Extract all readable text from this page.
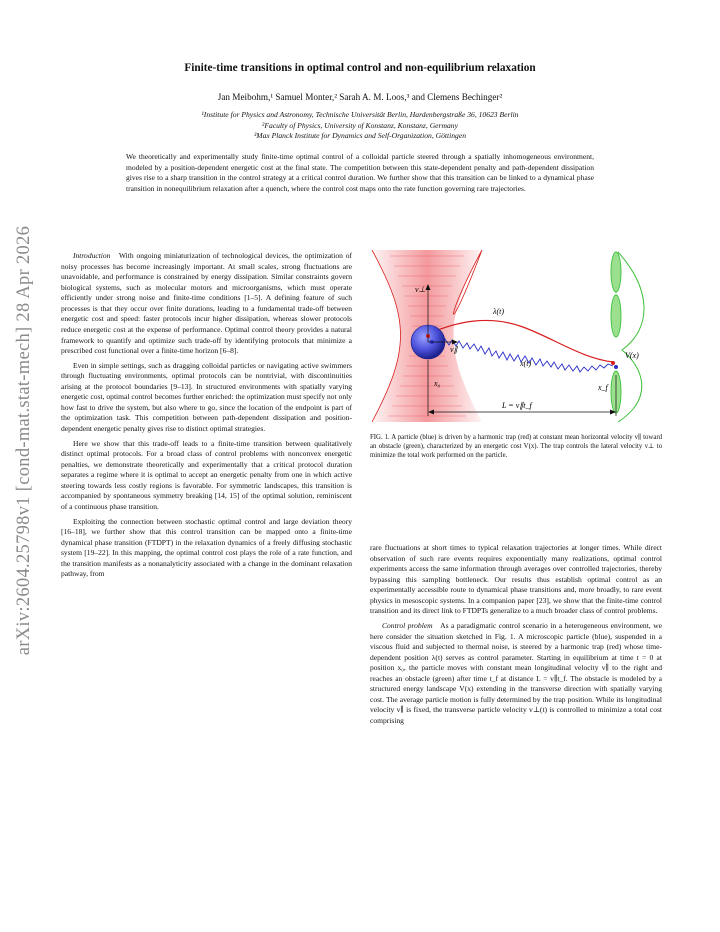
arXiv:2604.25798v1 [cond-mat.stat-mech] 28 Apr 2026
Finite-time transitions in optimal control and non-equilibrium relaxation
Jan Meibohm,¹ Samuel Monter,² Sarah A. M. Loos,³ and Clemens Bechinger²
¹Institute for Physics and Astronomy, Technische Universität Berlin, Hardenbergstraße 36, 10623 Berlin
²Faculty of Physics, University of Konstanz, Konstanz, Germany
³Max Planck Institute for Dynamics and Self-Organization, Göttingen
We theoretically and experimentally study finite-time optimal control of a colloidal particle steered through a spatially inhomogeneous environment, modeled by a position-dependent energetic cost at the final state. The competition between this state-dependent penalty and path-dependent dissipation gives rise to a sharp transition in the control strategy at a critical control duration. We further show that this transition can be linked to a dynamical phase transition in nonequilibrium relaxation after a quench, where the control cost maps onto the rate function governing rare trajectories.

Introduction With ongoing miniaturization of technological devices, the optimization of noisy processes has become increasingly important. At small scales, strong fluctuations are unavoidable, and performance is constrained by energy dissipation. Similar constraints govern biological systems, such as molecular motors and microorganisms, which must operate efficiently under strong noise and finite-time conditions [1–5]. A defining feature of such processes is that they occur over finite durations, leading to a fundamental trade-off between energetic cost and speed: faster protocols incur higher dissipation, whereas slower protocols reduce energetic cost at the expense of performance. Optimal control theory provides a natural framework to quantify and optimize such trade-off by identifying protocols that minimize a prescribed cost functional over a finite-time horizon [6–8].

Even in simple settings, such as dragging colloidal particles or navigating active swimmers through fluctuating environments, optimal protocols can be nontrivial, with discontinuities arising at the protocol boundaries [9–13]. In structured environments with spatially varying energetic cost, optimal control becomes further enriched: the optimization must specify not only how fast to drive the system, but also where to go, since the location of the endpoint is part of the optimization task. This competition between path-dependent dissipation and position-dependent energetic penalty gives rise to distinct optimal strategies.

Here we show that this trade-off leads to a finite-time transition between qualitatively distinct optimal protocols. For a broad class of control problems with nonconvex energetic penalties, we demonstrate theoretically and experimentally that a critical protocol duration separates a regime where it is optimal to accept an energetic penalty from one in which active steering towards less costly regions is favorable. For symmetric landscapes, this transition is accompanied by spontaneous symmetry breaking [14, 15] of the optimal solution, reminiscent of a continuous phase transition.

Exploiting the connection between stochastic optimal control and large deviation theory [16–18], we further show that this control transition can be mapped onto a finite-time dynamical phase transition (FTDPT) in the relaxation dynamics of a freely diffusing stochastic system [19–22]. In this mapping, the optimal control cost plays the role of a rate function, and the transition manifests as a nonanalyticity associated with a change in the dominant relaxation pathway, from

v⊥
v∥
λ(t)
x(t)
x₀	x_f
V(x)
L = v∥t_f
FIG. 1. A particle (blue) is driven by a harmonic trap (red) at constant mean horizontal velocity v∥ toward an obstacle (green), characterized by an energetic cost V(x). The trap controls the lateral velocity v⊥ to minimize the total work performed on the particle.

rare fluctuations at short times to typical relaxation trajectories at longer times. While direct observation of such rare events requires exponentially many realizations, optimal control experiments access the same information through averages over controlled trajectories, thereby bypassing this sampling bottleneck. Our results thus establish optimal control as an experimentally accessible route to dynamical phase transitions and, more broadly, to rare event physics in mesoscopic systems. In a companion paper [23], we show that the finite-time control transition and its direct link to FTDPTs generalize to a much broader class of control problems.

Control problem As a paradigmatic control scenario in a heterogeneous environment, we here consider the situation sketched in Fig. 1. A microscopic particle (blue), suspended in a viscous fluid and subjected to thermal noise, is steered by a harmonic trap (red) whose time-dependent position λ(t) serves as control parameter. Starting in equilibrium at time t = 0 at position x₀, the particle moves with constant mean longitudinal velocity v∥ to the right and reaches an obstacle (green) after time t_f at distance L = v∥t_f. The obstacle is modeled by a structured energy landscape V(x) extending in the transverse direction with spatially varying cost. The average particle motion is fully determined by the trap position. While its longitudinal velocity v∥ is fixed, the transverse particle velocity v⊥(t) is controlled to minimize a total cost comprising
